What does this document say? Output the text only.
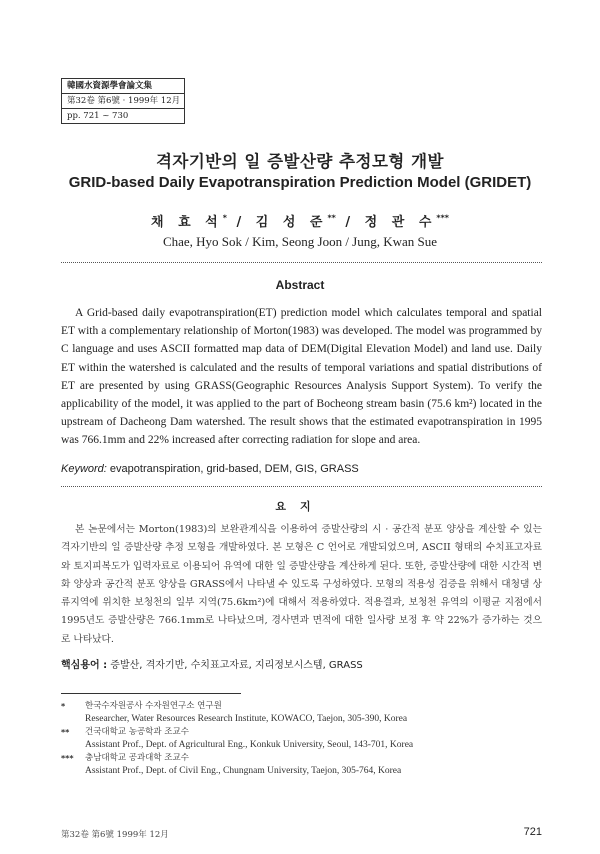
韓國水資源學會論文集
第32卷 第6號 · 1999年 12月
pp. 721 ~ 730
격자기반의 일 증발산량 추정모형 개발
GRID-based Daily Evapotranspiration Prediction Model (GRIDET)
채 효 석* / 김 성 준** / 정 관 수***
Chae, Hyo Sok / Kim, Seong Joon / Jung, Kwan Sue
Abstract
A Grid-based daily evapotranspiration(ET) prediction model which calculates temporal and spatial ET with a complementary relationship of Morton(1983) was developed. The model was programmed by C language and uses ASCII formatted map data of DEM(Digital Elevation Model) and land use. Daily ET within the watershed is calculated and the results of temporal variations and spatial distributions of ET are presented by using GRASS(Geographic Resources Analysis Support System). To verify the applicability of the model, it was applied to the part of Bocheong stream basin (75.6 km²) located in the upstream of Dacheong Dam watershed. The result shows that the estimated evapotranspiration in 1995 was 766.1mm and 22% increased after correcting radiation for slope and area.
Keyword: evapotranspiration, grid-based, DEM, GIS, GRASS
요지
본 논문에서는 Morton(1983)의 보완관계식을 이용하여 증발산량의 시 · 공간적 분포 양상을 계산할 수 있는 격자기반의 일 증발산량 추정 모형을 개발하였다. 본 모형은 C 언어로 개발되었으며, ASCII 형태의 수치표고자료와 토지피복도가 입력자료로 이용되어 유역에 대한 일 증발산량을 계산하게 된다. 또한, 증발산량에 대한 시간적 변화 양상과 공간적 분포 양상을 GRASS에서 나타낼 수 있도록 구성하였다. 모형의 적용성 검증을 위해서 대청댐 상류지역에 위치한 보청천의 일부 지역(75.6km²)에 대해서 적용하였다. 적용결과, 보청천 유역의 이평균 지점에서 1995년도 증발산량은 766.1mm로 나타났으며, 경사면과 면적에 대한 일사량 보정 후 약 22%가 증가하는 것으로 나타났다.
핵심용어 : 증발산, 격자기반, 수치표고자료, 지리정보시스템, GRASS
*	한국수자원공사 수자원연구소 연구원
Researcher, Water Resources Research Institute, KOWACO, Taejon, 305-390, Korea
**	건국대학교 농공학과 조교수
Assistant Prof., Dept. of Agricultural Eng., Konkuk University, Seoul, 143-701, Korea
***	충남대학교 공과대학 조교수
Assistant Prof., Dept. of Civil Eng., Chungnam University, Taejon, 305-764, Korea
第32卷 第6號 1999年 12月	721
